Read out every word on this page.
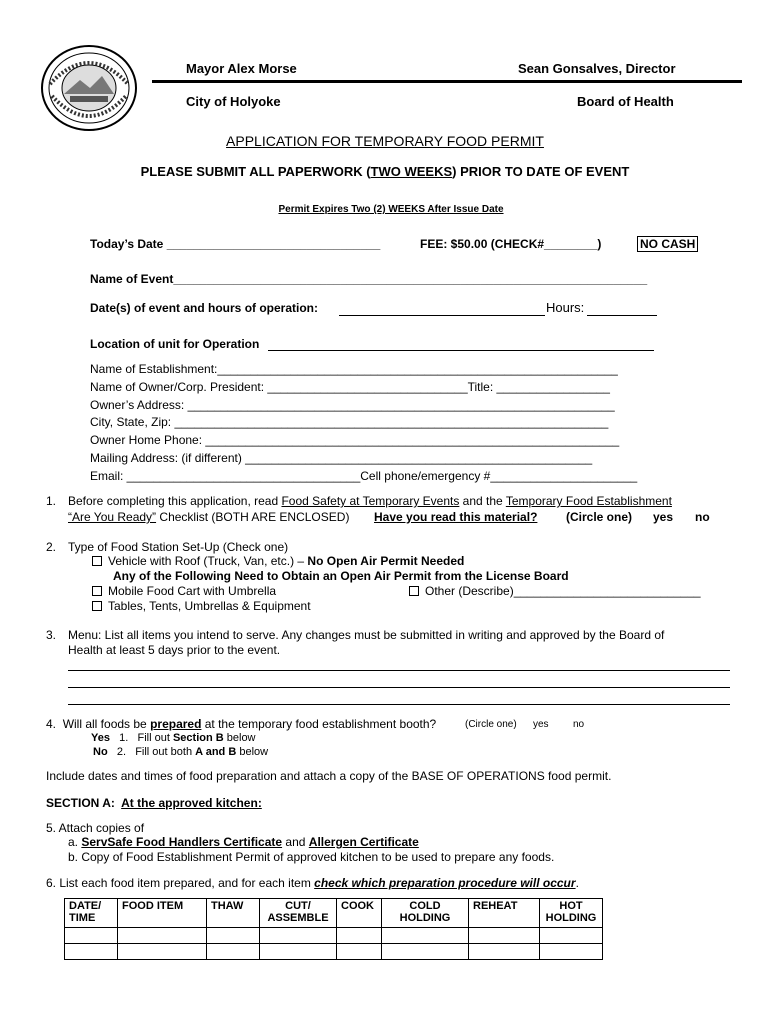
Mayor Alex Morse	Sean Gonsalves, Director
City of Holyoke	Board of Health
APPLICATION FOR TEMPORARY FOOD PERMIT
PLEASE SUBMIT ALL PAPERWORK (TWO WEEKS) PRIOR TO DATE OF EVENT
Permit Expires Two (2) WEEKS After Issue Date
Today’s Date ________________________________	FEE: $50.00 (CHECK#________)	NO CASH
Name of Event_______________________________________________________________________
Date(s) of event and hours of operation:	Hours:
Location of unit for Operation
Name of Establishment:____________________________________________________________
Name of Owner/Corp. President: ______________________________Title: _________________
Owner’s Address: ________________________________________________________________
City, State, Zip: _________________________________________________________________
Owner Home Phone: ______________________________________________________________
Mailing Address: (if different) ____________________________________________________
Email: ___________________________________Cell phone/emergency #______________________
1. Before completing this application, read Food Safety at Temporary Events and the Temporary Food Establishment
“Are You Ready” Checklist (BOTH ARE ENCLOSED) Have you read this material? (Circle one) yes no
2. Type of Food Station Set-Up (Check one)
Vehicle with Roof (Truck, Van, etc.) – No Open Air Permit Needed
Any of the Following Need to Obtain an Open Air Permit from the License Board
Mobile Food Cart with Umbrella	Other (Describe)____________________________
Tables, Tents, Umbrellas & Equipment
3. Menu: List all items you intend to serve. Any changes must be submitted in writing and approved by the Board of
Health at least 5 days prior to the event.
4. Will all foods be prepared at the temporary food establishment booth?	(Circle one) yes no
Yes 1. Fill out Section B below
No 2. Fill out both A and B below
Include dates and times of food preparation and attach a copy of the BASE OF OPERATIONS food permit.
SECTION A: At the approved kitchen:
5. Attach copies of
a. ServSafe Food Handlers Certificate and Allergen Certificate
b. Copy of Food Establishment Permit of approved kitchen to be used to prepare any foods.
6. List each food item prepared, and for each item check which preparation procedure will occur.
DATE/ TIME	FOOD ITEM	THAW	CUT/ ASSEMBLE	COOK	COLD HOLDING	REHEAT	HOT HOLDING
